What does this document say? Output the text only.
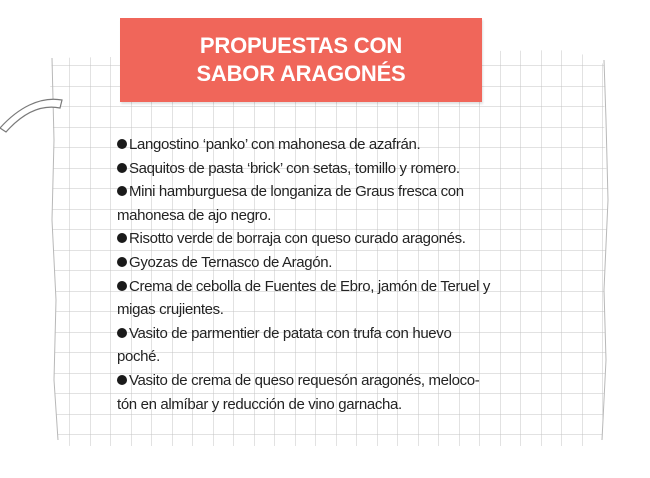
PROPUESTAS CON
SABOR ARAGONÉS
Langostino ‘panko’ con mahonesa de azafrán.
Saquitos de pasta ‘brick’ con setas, tomillo y romero.
Mini hamburguesa de longaniza de Graus fresca con
mahonesa de ajo negro.
Risotto verde de borraja con queso curado aragonés.
Gyozas de Ternasco de Aragón.
Crema de cebolla de Fuentes de Ebro, jamón de Teruel y
migas crujientes.
Vasito de parmentier de patata con trufa con huevo
poché.
Vasito de crema de queso requesón aragonés, meloco-
tón en almíbar y reducción de vino garnacha.
